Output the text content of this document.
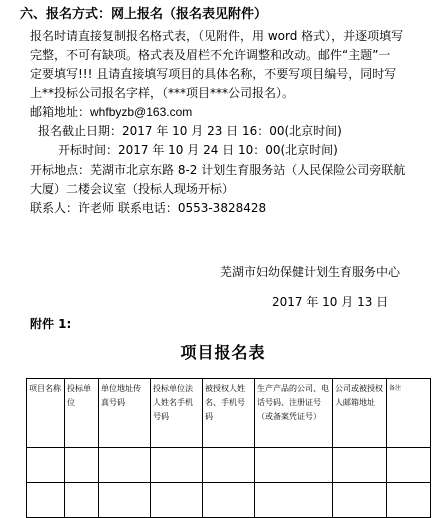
六、报名方式：网上报名（报名表见附件）
报名时请直接复制报名格式表，（见附件，用 word 格式），并逐项填写
完整，不可有缺项。格式表及眉栏不允许调整和改动。邮件“主题”一
定要填写!!! 且请直接填写项目的具体名称，不要写项目编号，同时写
上**投标公司报名字样，（***项目***公司报名）。
邮箱地址：whfbyzb@163.com
报名截止日期：2017 年 10 月 23 日 16：00(北京时间)
开标时间：2017 年 10 月 24 日 10：00(北京时间)
开标地点：芜湖市北京东路 8-2 计划生育服务站（人民保险公司旁联航
大厦）二楼会议室（投标人现场开标）
联系人：许老师 联系电话：0553-3828428
芜湖市妇幼保健计划生育服务中心
2017 年 10 月 13 日
附件 1:
项目报名表
项目名称	投标单位	单位地址传真号码	投标单位法人姓名手机号码	被授权人姓名、手机号码	生产产品的公司、电话号码、注册证号（或备案凭证号）	公司或被授权人邮箱地址	备注
